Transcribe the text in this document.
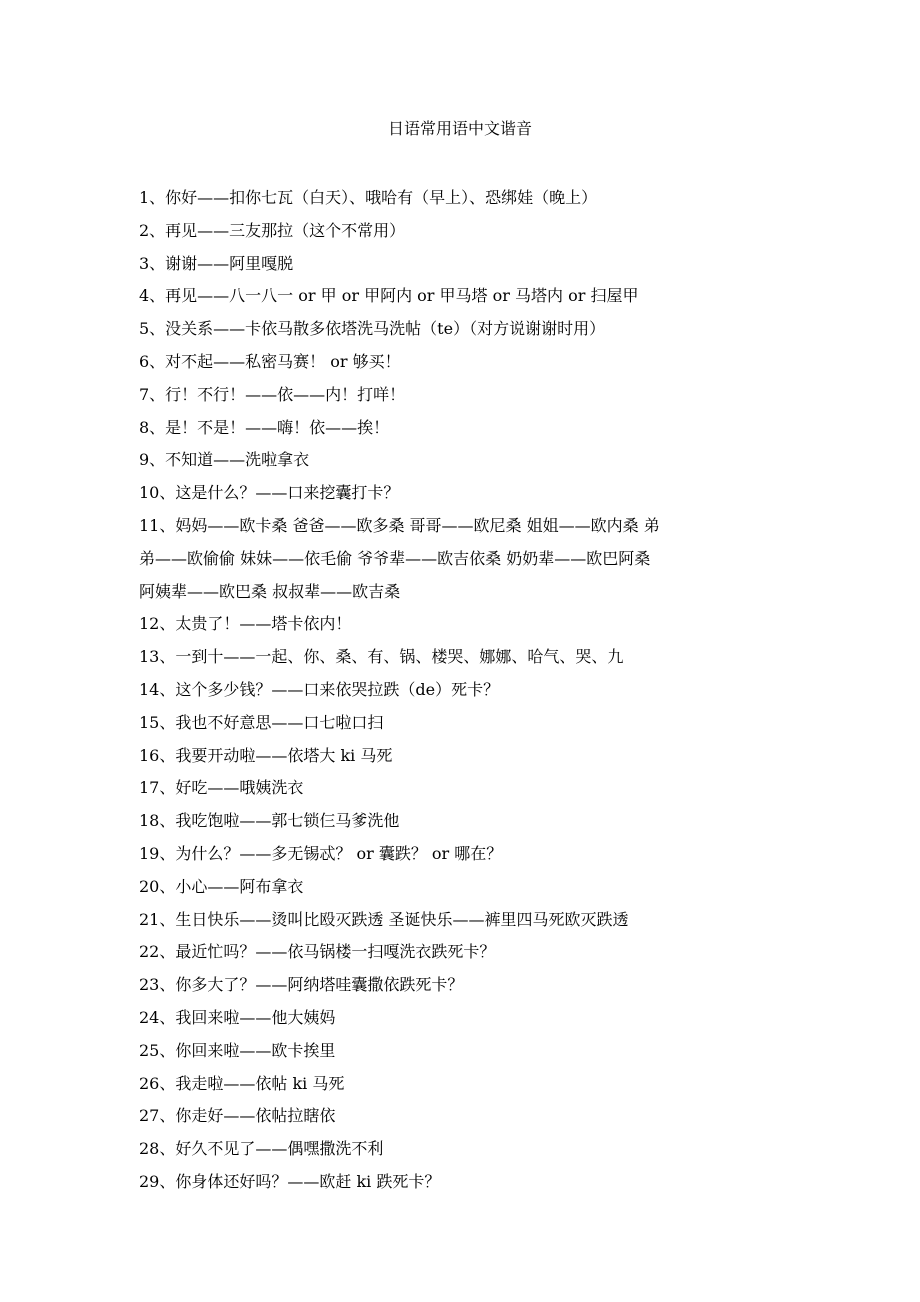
日语常用语中文谐音
1、你好——扣你七瓦（白天）、哦哈有（早上）、恐绑娃（晚上）
2、再见——三友那拉（这个不常用）
3、谢谢——阿里嘎脱
4、再见——八一八一 or 甲 or 甲阿内 or 甲马塔 or 马塔内 or 扫屋甲
5、没关系——卡依马散多依塔洗马洗帖（te）（对方说谢谢时用）
6、对不起——私密马赛！ or 够买！
7、行！不行！——依——内！打咩！
8、是！不是！——嗨！依——挨！
9、不知道——洗啦拿衣
10、这是什么？——口来挖囊打卡？
11、妈妈——欧卡桑 爸爸——欧多桑 哥哥——欧尼桑 姐姐——欧内桑 弟
弟——欧偷偷 妹妹——依毛偷 爷爷辈——欧吉依桑 奶奶辈——欧巴阿桑
阿姨辈——欧巴桑 叔叔辈——欧吉桑
12、太贵了！——塔卡依内！
13、一到十——一起、你、桑、有、锅、楼哭、娜娜、哈气、哭、九
14、这个多少钱？——口来依哭拉跌（de）死卡？
15、我也不好意思——口七啦口扫
16、我要开动啦——依塔大 ki 马死
17、好吃——哦姨洗衣
18、我吃饱啦——郭七锁仨马爹洗他
19、为什么？——多无锡忒？ or 囊跌？ or 哪在？
20、小心——阿布拿衣
21、生日快乐——烫叫比殴灭跌透 圣诞快乐——裤里四马死欧灭跌透
22、最近忙吗？——依马锅楼一扫嘎洗衣跌死卡？
23、你多大了？——阿纳塔哇囊撒依跌死卡？
24、我回来啦——他大姨妈
25、你回来啦——欧卡挨里
26、我走啦——依帖 ki 马死
27、你走好——依帖拉瞎依
28、好久不见了——偶嘿撒洗不利
29、你身体还好吗？——欧赶 ki 跌死卡？
